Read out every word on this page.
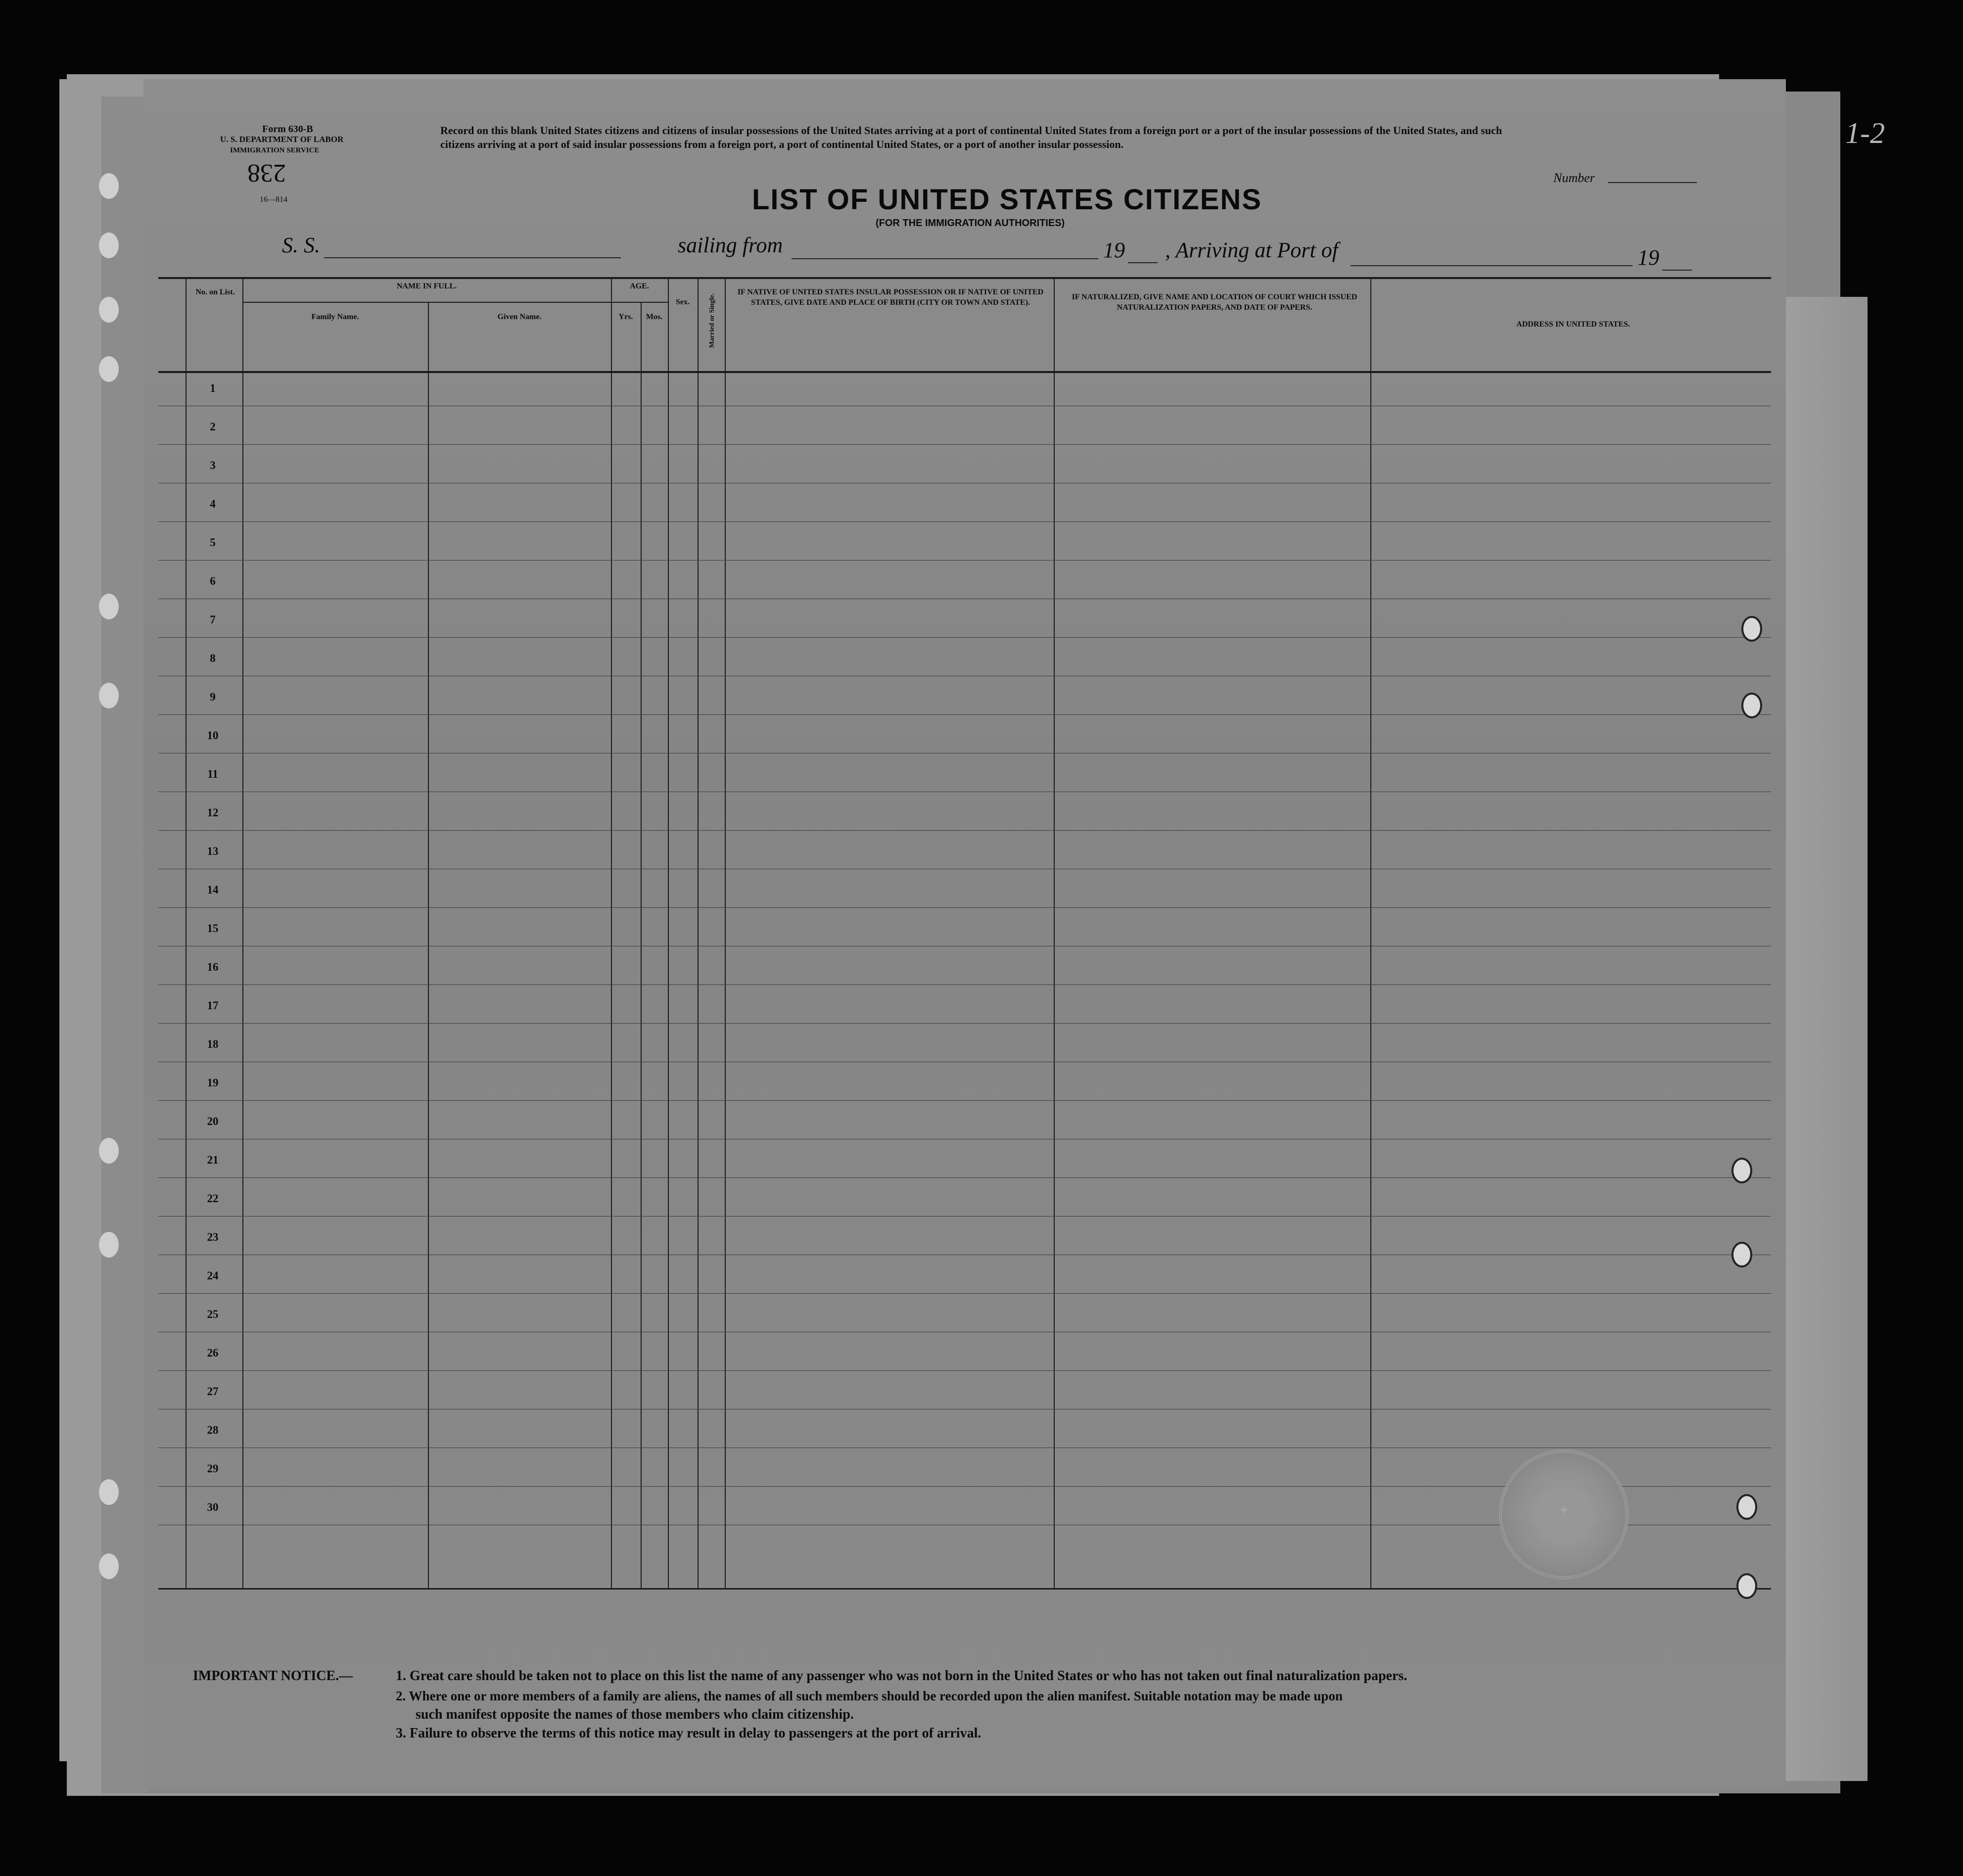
1-2
Form 630-B
U. S. DEPARTMENT OF LABOR
IMMIGRATION SERVICE
238
16—814
Record on this blank United States citizens and citizens of insular possessions of the United States arriving at a port of continental United States from a foreign port or a port of the insular possessions of the United States, and such citizens arriving at a port of said insular possessions from a foreign port, a port of continental United States, or a port of another insular possession.
Number
LIST OF UNITED STATES CITIZENS
(FOR THE IMMIGRATION AUTHORITIES)
S. S.	sailing from	19 , Arriving at Port of	19
No. on List.
NAME IN FULL.
Family Name.	Given Name.
AGE.
Yrs.	Mos.
Sex.	Married or Single.
IF NATIVE OF UNITED STATES INSULAR POSSESSION OR IF NATIVE OF UNITED STATES, GIVE DATE AND PLACE OF BIRTH (CITY OR TOWN AND STATE).
IF NATURALIZED, GIVE NAME AND LOCATION OF COURT WHICH ISSUED NATURALIZATION PAPERS, AND DATE OF PAPERS.
ADDRESS IN UNITED STATES.
1
2
3
4
5
6
7
8
9
10
11
12
13
14
15
16
17
18
19
20
21
22
23
24
25
26
27
28
29
30	✦
IMPORTANT NOTICE.—	1. Great care should be taken not to place on this list the name of any passenger who was not born in the United States or who has not taken out final naturalization papers.
2. Where one or more members of a family are aliens, the names of all such members should be recorded upon the alien manifest. Suitable notation may be made upon
such manifest opposite the names of those members who claim citizenship.
3. Failure to observe the terms of this notice may result in delay to passengers at the port of arrival.
